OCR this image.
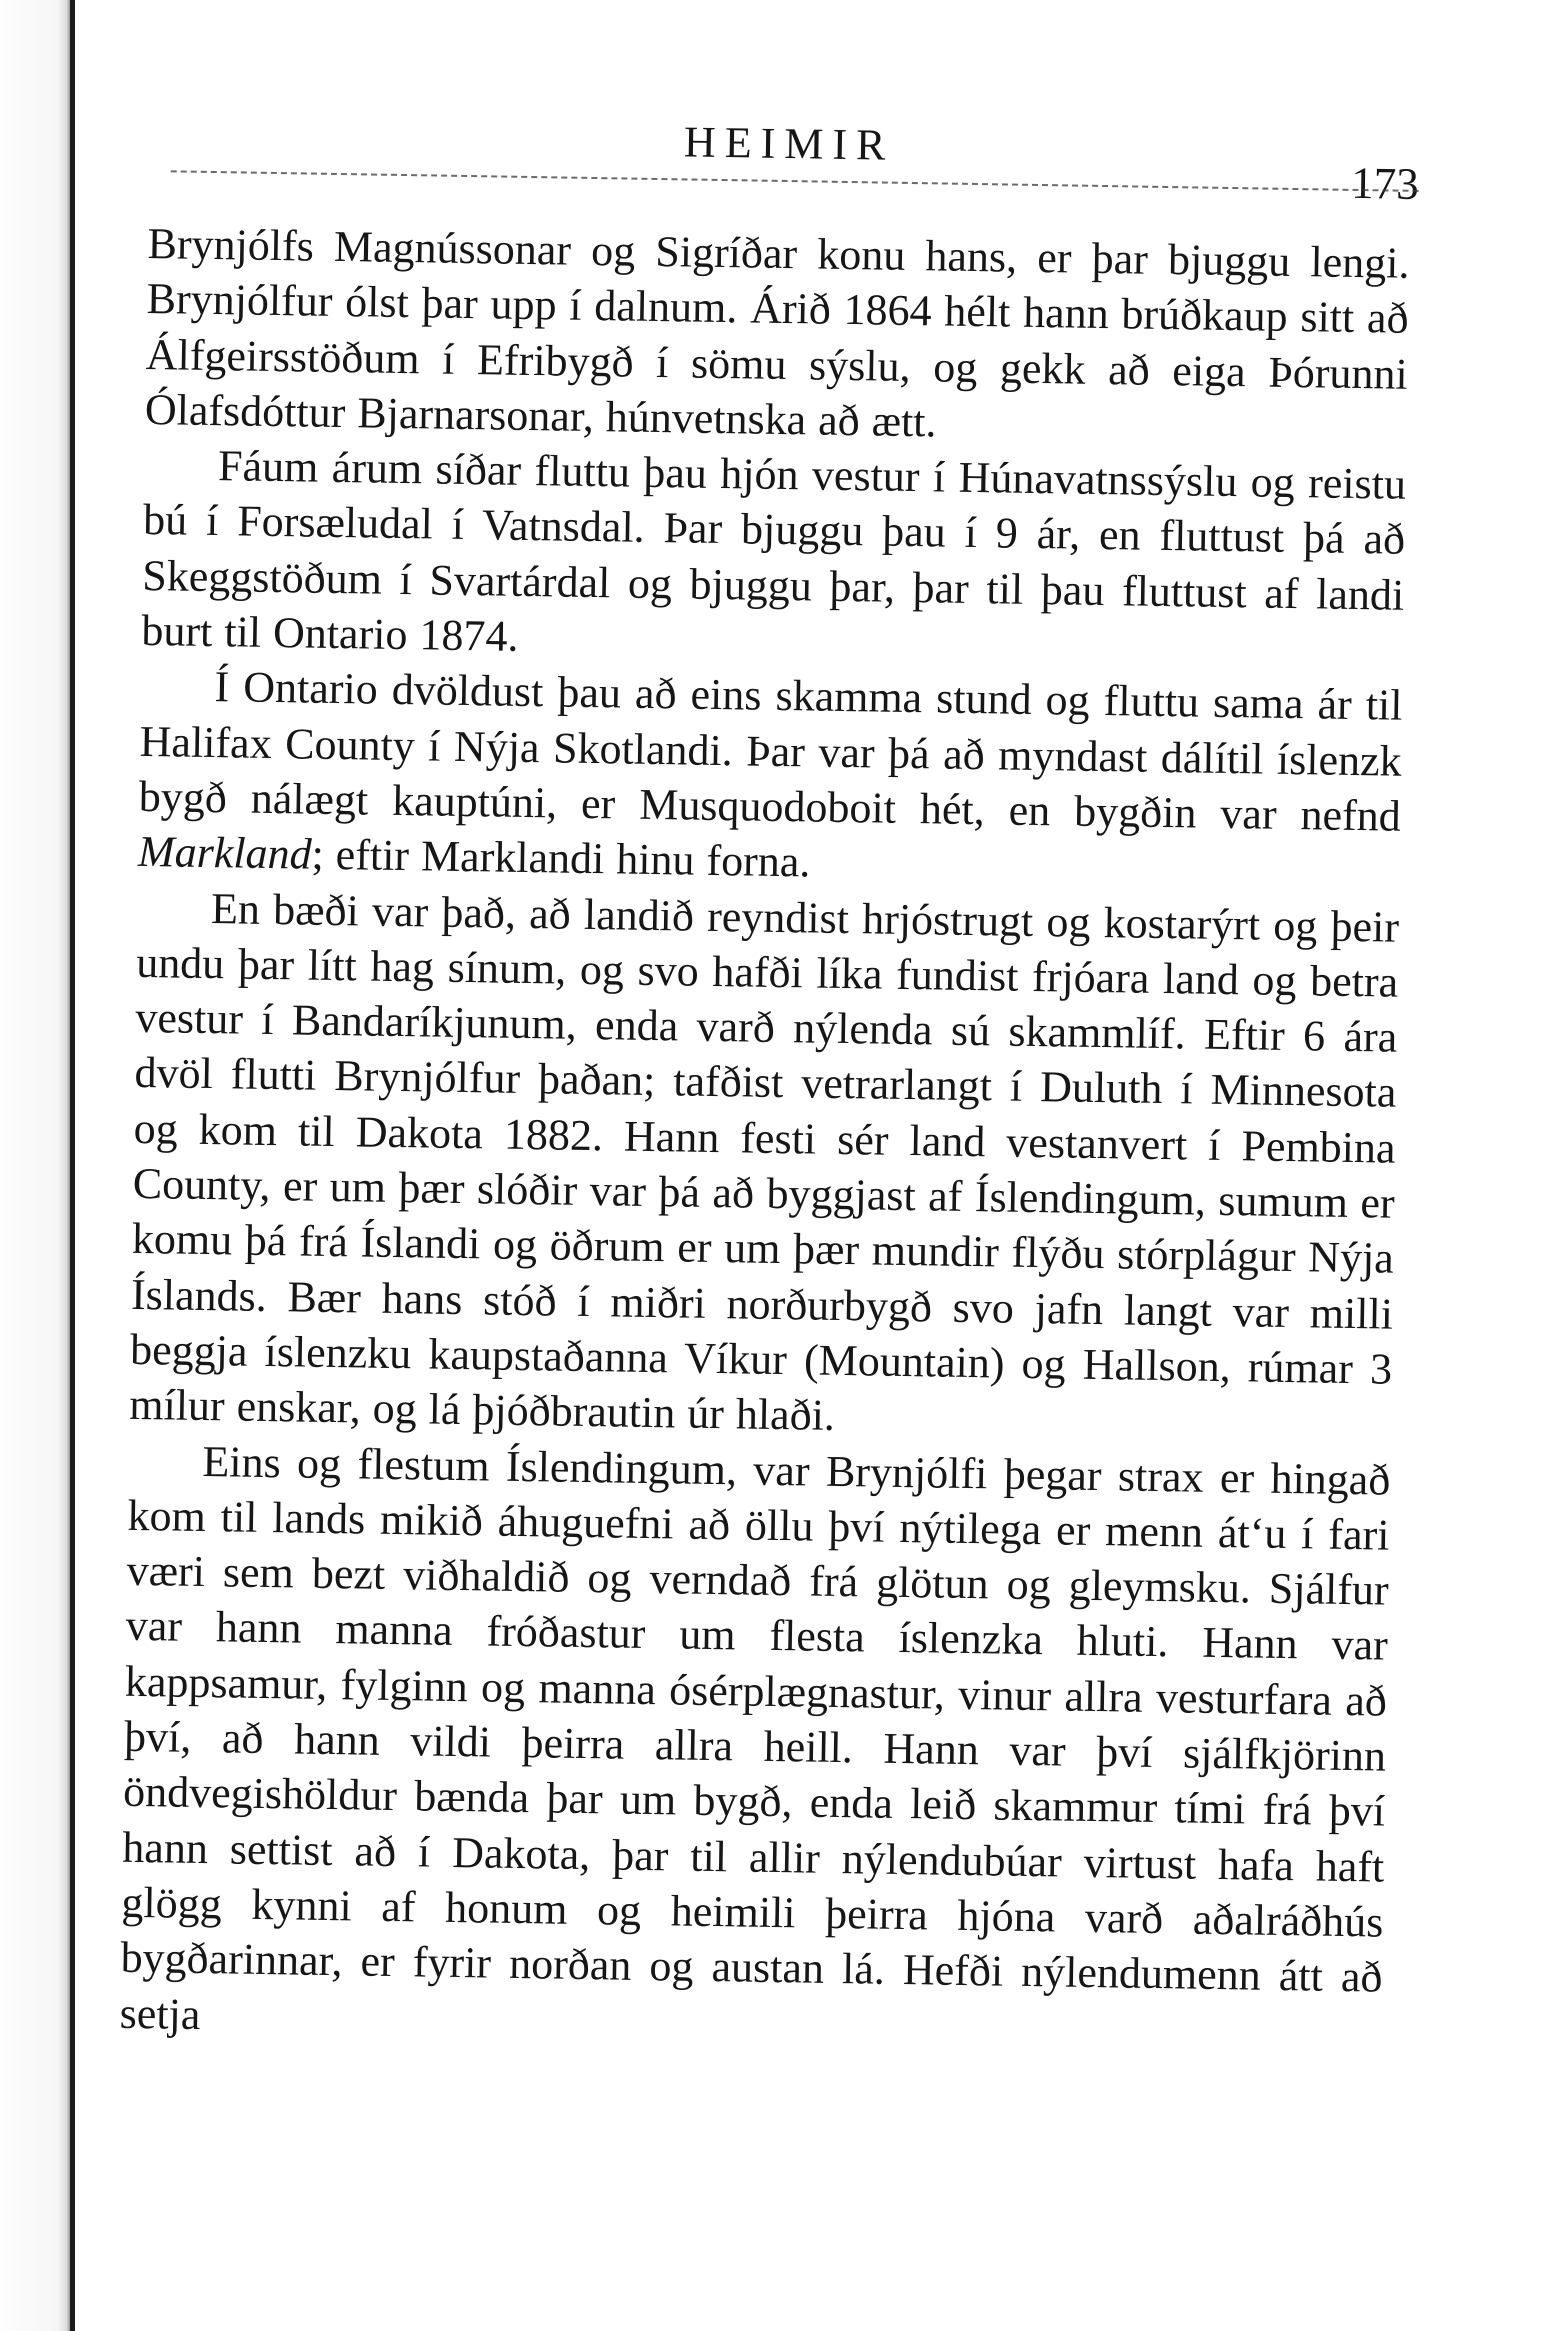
HEIMIR
173

Brynjólfs Magnússonar og Sigríðar konu hans, er þar bjuggu lengi. Brynjólfur ólst þar upp í dalnum. Árið 1864 hélt hann brúðkaup sitt að Álfgeirsstöðum í Efribygð í sömu sýslu, og gekk að eiga Þórunni Ólafsdóttur Bjarnarsonar, húnvetnska að ætt.

Fáum árum síðar fluttu þau hjón vestur í Húnavatnssýslu og reistu bú í Forsæludal í Vatnsdal. Þar bjuggu þau í 9 ár, en fluttust þá að Skeggstöðum í Svartárdal og bjuggu þar, þar til þau fluttust af landi burt til Ontario 1874.

Í Ontario dvöldust þau að eins skamma stund og fluttu sama ár til Halifax County í Nýja Skotlandi. Þar var þá að myndast dálítil íslenzk bygð nálægt kauptúni, er Musquodoboit hét, en bygðin var nefnd Markland; eftir Marklandi hinu forna.

En bæði var það, að landið reyndist hrjóstrugt og kostarýrt og þeir undu þar lítt hag sínum, og svo hafði líka fundist frjóara land og betra vestur í Bandaríkjunum, enda varð nýlenda sú skammlíf. Eftir 6 ára dvöl flutti Brynjólfur þaðan; tafðist vetrarlangt í Duluth í Minnesota og kom til Dakota 1882. Hann festi sér land vestanvert í Pembina County, er um þær slóðir var þá að byggjast af Íslendingum, sumum er komu þá frá Íslandi og öðrum er um þær mundir flýðu stórplágur Nýja Íslands. Bær hans stóð í miðri norðurbygð svo jafn langt var milli beggja íslenzku kaupstaðanna Víkur (Mountain) og Hallson, rúmar 3 mílur enskar, og lá þjóðbrautin úr hlaði.

Eins og flestum Íslendingum, var Brynjólfi þegar strax er hingað kom til lands mikið áhuguefni að öllu því nýtilega er menn átʻu í fari væri sem bezt viðhaldið og verndað frá glötun og gleymsku. Sjálfur var hann manna fróðastur um flesta íslenzka hluti. Hann var kappsamur, fylginn og manna ósérplægnastur, vinur allra vesturfara að því, að hann vildi þeirra allra heill. Hann var því sjálfkjörinn öndvegishöldur bænda þar um bygð, enda leið skammur tími frá því hann settist að í Dakota, þar til allir nýlendubúar virtust hafa haft glögg kynni af honum og heimili þeirra hjóna varð aðalráðhús bygðarinnar, er fyrir norðan og austan lá. Hefði nýlendumenn átt að setja
